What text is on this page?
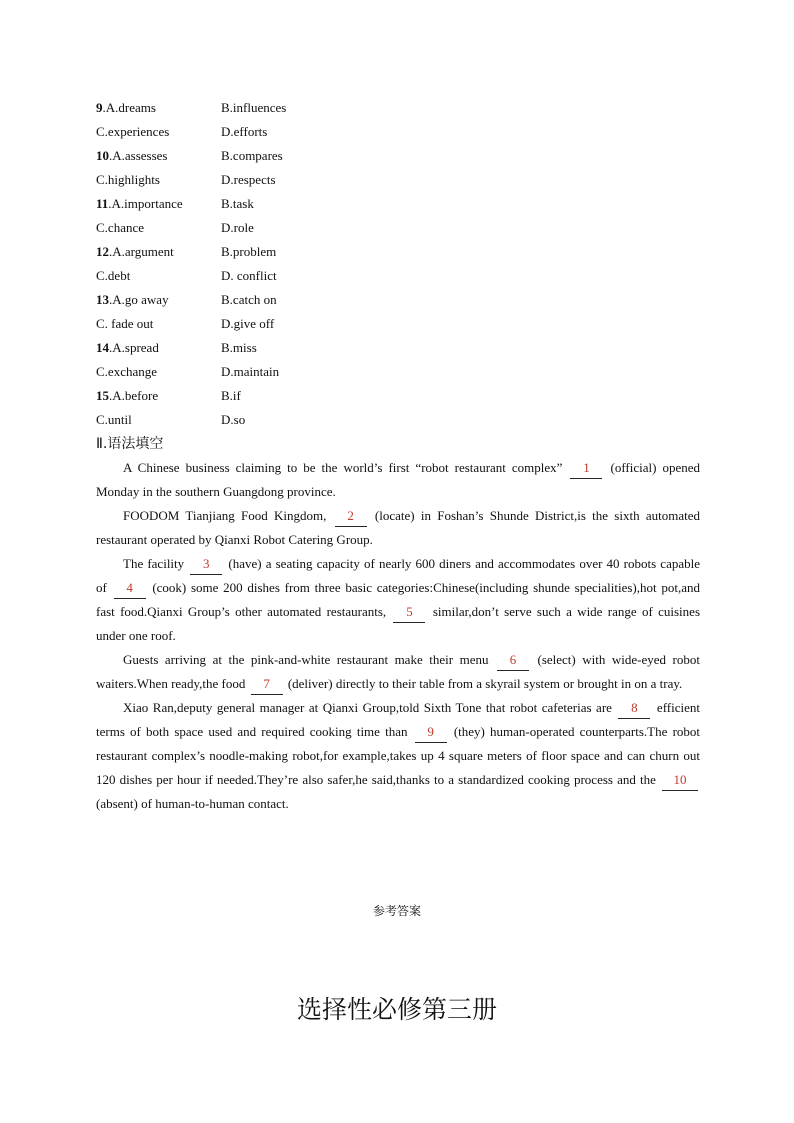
9.A.dreams	B.influences
C.experiences	D.efforts
10.A.assesses	B.compares
C.highlights	D.respects
11.A.importance	B.task
C.chance	D.role
12.A.argument	B.problem
C.debt	D. conflict
13.A.go away	B.catch on
C. fade out	D.give off
14.A.spread	B.miss
C.exchange	D.maintain
15.A.before	B.if
C.until	D.so
Ⅱ.语法填空

A Chinese business claiming to be the world’s first “robot restaurant complex” 1 (official) opened Monday in the southern Guangdong province.

FOODOM Tianjiang Food Kingdom, 2 (locate) in Foshan’s Shunde District,is the sixth automated restaurant operated by Qianxi Robot Catering Group.

The facility 3 (have) a seating capacity of nearly 600 diners and accommodates over 40 robots capable of 4 (cook) some 200 dishes from three basic categories:Chinese(including shunde specialities),hot pot,and fast food.Qianxi Group’s other automated restaurants, 5 similar,don’t serve such a wide range of cuisines under one roof.

Guests arriving at the pink-and-white restaurant make their menu 6 (select) with wide-eyed robot waiters.When ready,the food 7 (deliver) directly to their table from a skyrail system or brought in on a tray.

Xiao Ran,deputy general manager at Qianxi Group,told Sixth Tone that robot cafeterias are 8 efficient terms of both space used and required cooking time than 9 (they) human-operated counterparts.The robot restaurant complex’s noodle-making robot,for example,takes up 4 square meters of floor space and can churn out 120 dishes per hour if needed.They’re also safer,he said,thanks to a standardized cooking process and the 10 (absent) of human-to-human contact.

参考答案
选择性必修第三册
